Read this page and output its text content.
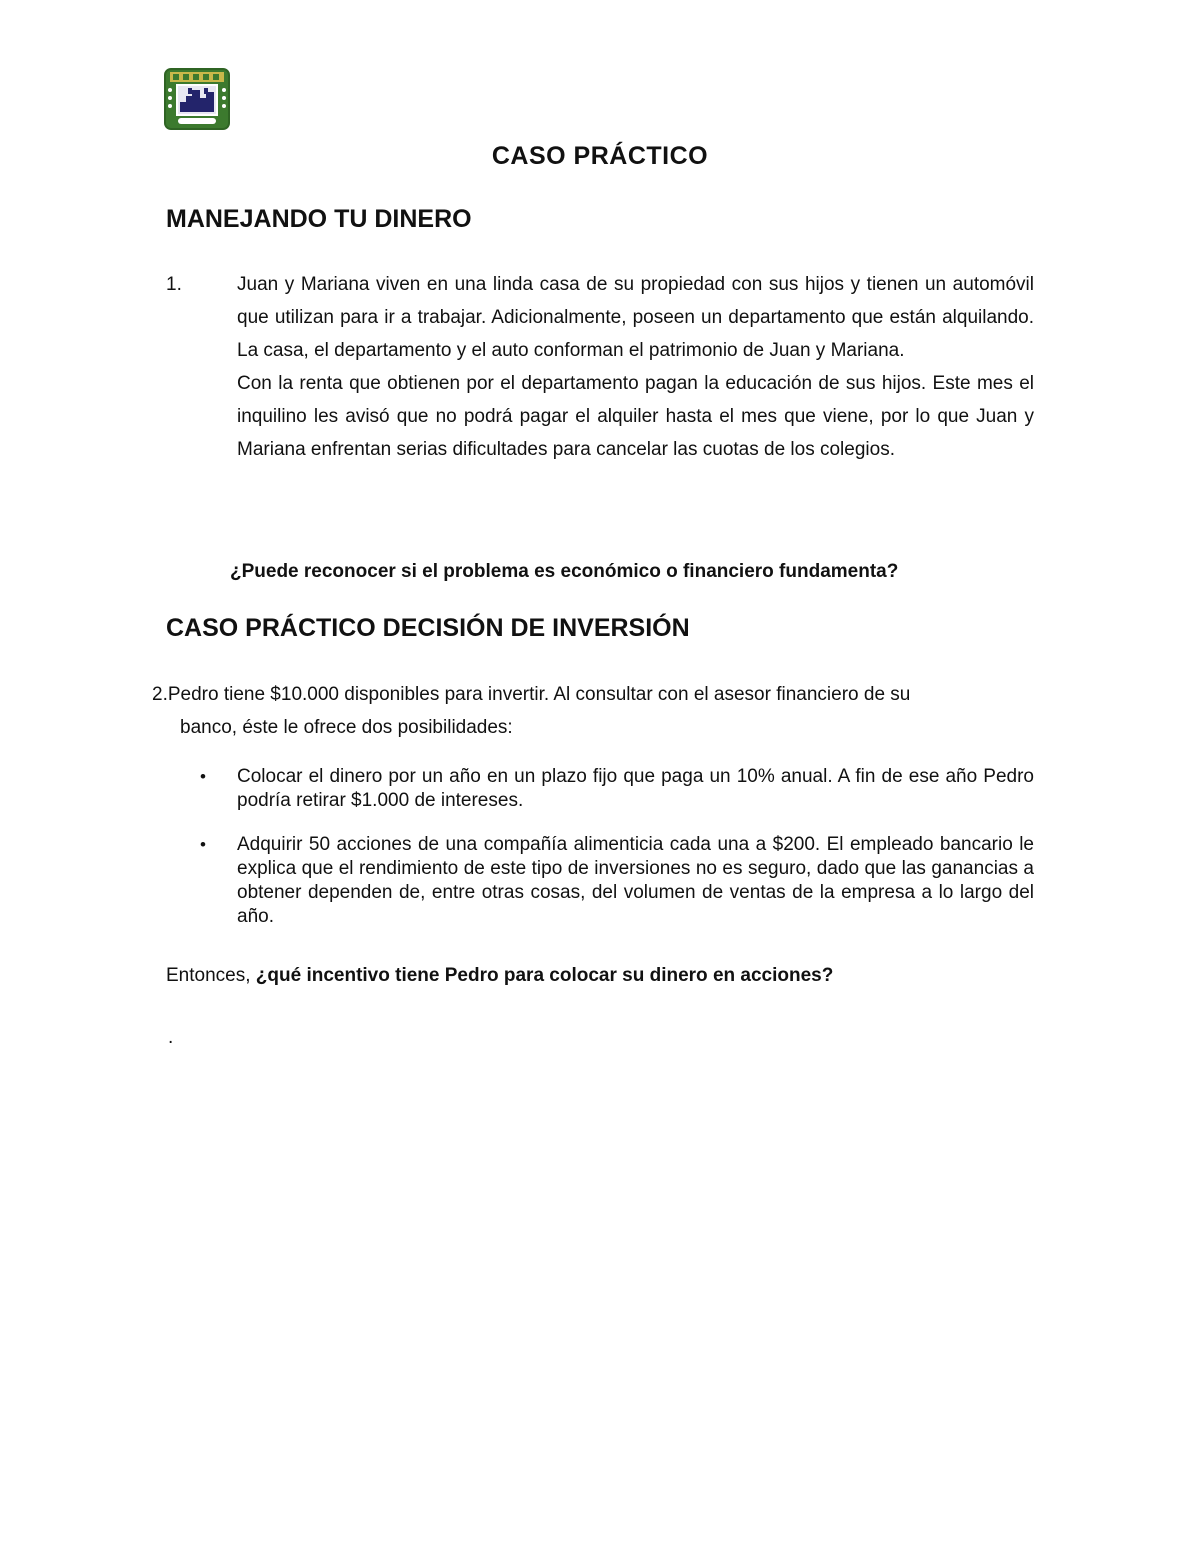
CASO PRÁCTICO
MANEJANDO TU DINERO
1.	Juan y Mariana viven en una linda casa de su propiedad con sus hijos y tienen un automóvil que utilizan para ir a trabajar. Adicionalmente, poseen un departamento que están alquilando. La casa, el departamento y el auto conforman el patrimonio de Juan y Mariana.

Con la renta que obtienen por el departamento pagan la educación de sus hijos. Este mes el inquilino les avisó que no podrá pagar el alquiler hasta el mes que viene, por lo que Juan y Mariana enfrentan serias dificultades para cancelar las cuotas de los colegios.

¿Puede reconocer si el problema es económico o financiero fundamenta?

CASO PRÁCTICO DECISIÓN DE INVERSIÓN
2.Pedro tiene $10.000 disponibles para invertir. Al consultar con el asesor financiero de su
banco, éste le ofrece dos posibilidades:
• Colocar el dinero por un año en un plazo fijo que paga un 10% anual. A fin de ese año Pedro podría retirar $1.000 de intereses.
• Adquirir 50 acciones de una compañía alimenticia cada una a $200. El empleado bancario le explica que el rendimiento de este tipo de inversiones no es seguro, dado que las ganancias a obtener dependen de, entre otras cosas, del volumen de ventas de la empresa a lo largo del año.

Entonces, ¿qué incentivo tiene Pedro para colocar su dinero en acciones?

.
